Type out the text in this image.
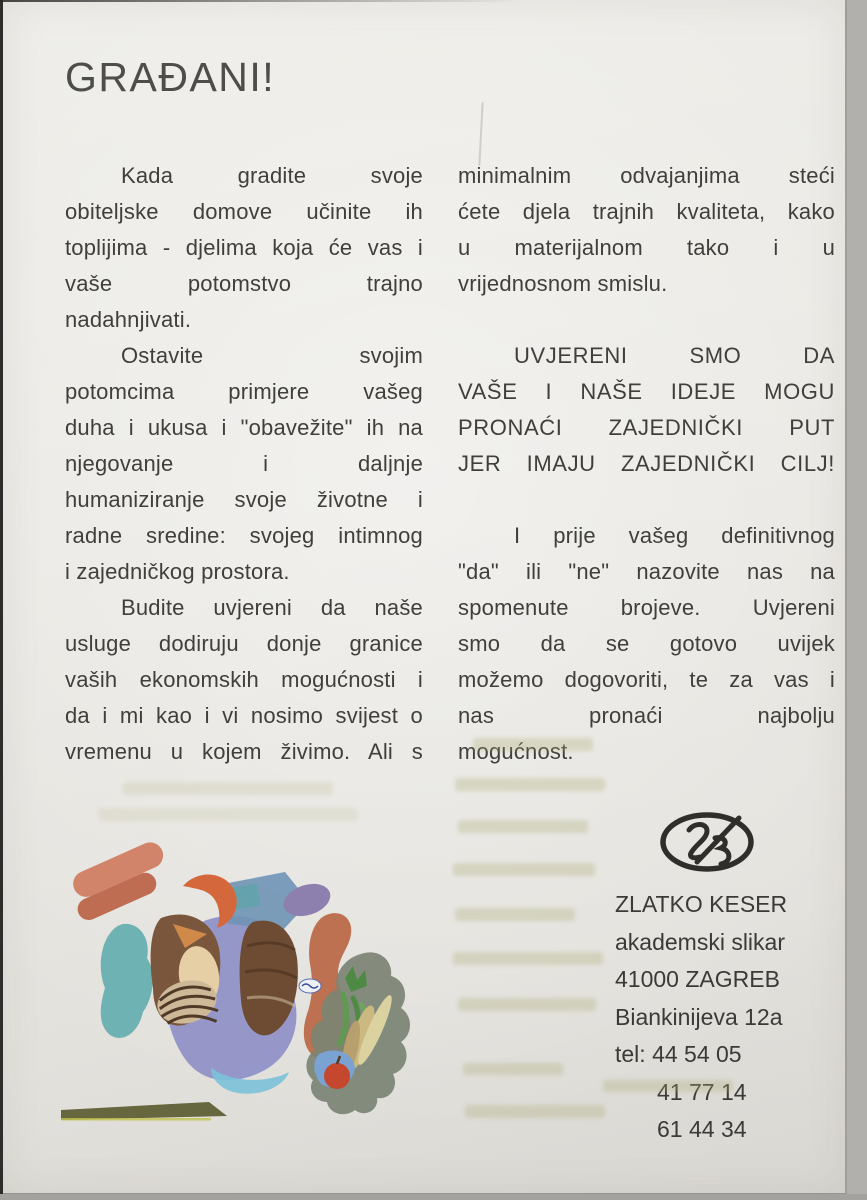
GRAĐANI!
Kada gradite svoje
obiteljske domove učinite ih
toplijima - djelima koja će vas i
vaše potomstvo trajno
nadahnjivati.
Ostavite svojim
potomcima primjere vašeg
duha i ukusa i "obavežite" ih na
njegovanje i daljnje
humaniziranje svoje životne i
radne sredine: svojeg intimnog
i zajedničkog prostora.
Budite uvjereni da naše
usluge dodiruju donje granice
vaših ekonomskih mogućnosti i
da i mi kao i vi nosimo svijest o
vremenu u kojem živimo. Ali s
minimalnim odvajanjima steći
ćete djela trajnih kvaliteta, kako
u materijalnom tako i u
vrijednosnom smislu.
UVJERENI SMO DA
VAŠE I NAŠE IDEJE MOGU
PRONAĆI ZAJEDNIČKI PUT
JER IMAJU ZAJEDNIČKI CILJ!
I prije vašeg definitivnog
"da" ili "ne" nazovite nas na
spomenute brojeve. Uvjereni
smo da se gotovo uvijek
možemo dogovoriti, te za vas i
nas pronaći najbolju
mogućnost.
ZLATKO KESER
akademski slikar
41000 ZAGREB
Biankinijeva 12a
tel: 44 54 05
41 77 14
61 44 34
